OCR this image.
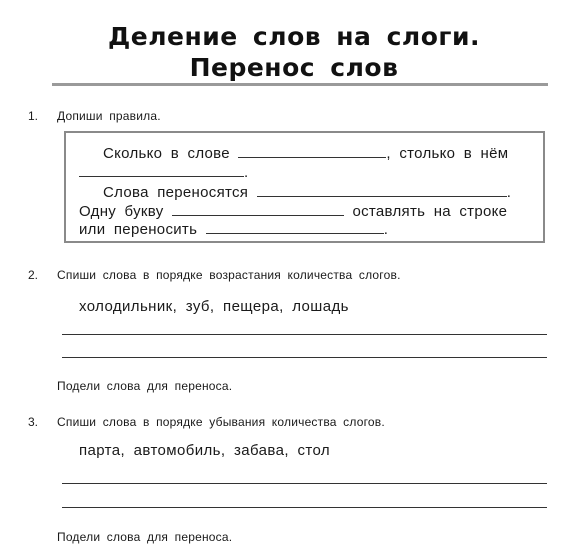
Деление слов на слоги.
Перенос слов
1. Допиши правила.
Сколько в слове	, столько в нём
.
Слова переносятся	.
Одну букву	оставлять на строке
или переносить	.
2. Спиши слова в порядке возрастания количества слогов.
холодильник, зуб, пещера, лошадь
Подели слова для переноса.
3. Спиши слова в порядке убывания количества слогов.
парта, автомобиль, забава, стол
Подели слова для переноса.
